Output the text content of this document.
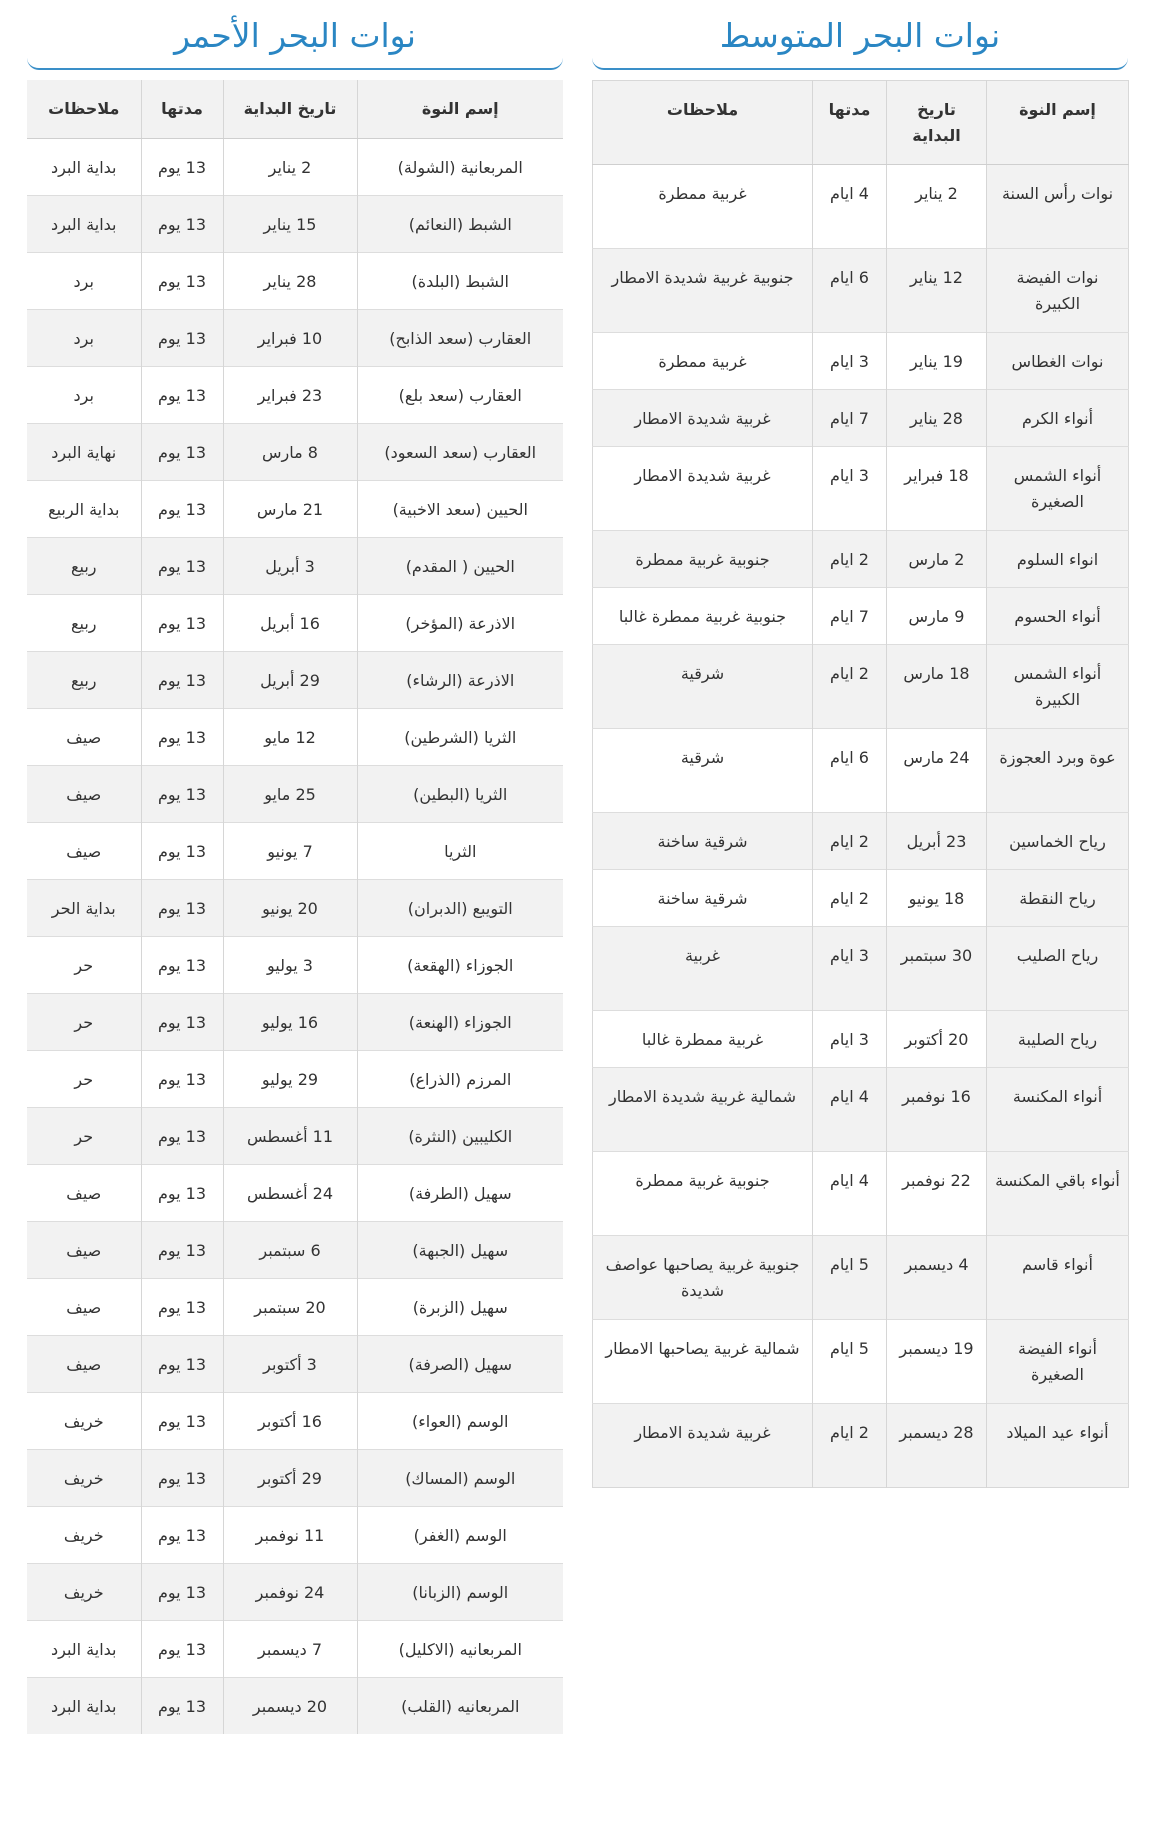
نوات البحر المتوسط
إسم النوة	تاريخ البداية	مدتها	ملاحظات
نوات رأس السنة	2 يناير	4 ايام	غربية ممطرة
نوات الفيضة الكبيرة	12 يناير	6 ايام	جنوبية غربية شديدة الامطار
نوات الغطاس	19 يناير	3 ايام	غربية ممطرة
أنواء الكرم	28 يناير	7 ايام	غربية شديدة الامطار
أنواء الشمس الصغيرة	18 فبراير	3 ايام	غربية شديدة الامطار
انواء السلوم	2 مارس	2 ايام	جنوبية غربية ممطرة
أنواء الحسوم	9 مارس	7 ايام	جنوبية غربية ممطرة غالبا
أنواء الشمس الكبيرة	18 مارس	2 ايام	شرقية
عوة وبرد العجوزة	24 مارس	6 ايام	شرقية
رياح الخماسين	23 أبريل	2 ايام	شرقية ساخنة
رياح النقطة	18 يونيو	2 ايام	شرقية ساخنة
رياح الصليب	30 سبتمبر	3 ايام	غربية
رياح الصليبة	20 أكتوبر	3 ايام	غربية ممطرة غالبا
أنواء المكنسة	16 نوفمبر	4 ايام	شمالية غربية شديدة الامطار
أنواء باقي المكنسة	22 نوفمبر	4 ايام	جنوبية غربية ممطرة
أنواء قاسم	4 ديسمبر	5 ايام	جنوبية غربية يصاحبها عواصف شديدة
أنواء الفيضة الصغيرة	19 ديسمبر	5 ايام	شمالية غربية يصاحبها الامطار
أنواء عيد الميلاد	28 ديسمبر	2 ايام	غربية شديدة الامطار
نوات البحر الأحمر
إسم النوة	تاريخ البداية	مدتها	ملاحظات
المربعانية (الشولة)	2 يناير	13 يوم	بداية البرد
الشبط (النعائم)	15 يناير	13 يوم	بداية البرد
الشبط (البلدة)	28 يناير	13 يوم	برد
العقارب (سعد الذابح)	10 فبراير	13 يوم	برد
العقارب (سعد بلع)	23 فبراير	13 يوم	برد
العقارب (سعد السعود)	8 مارس	13 يوم	نهاية البرد
الحيين (سعد الاخبية)	21 مارس	13 يوم	بداية الربيع
الحيين ( المقدم)	3 أبريل	13 يوم	ربيع
الاذرعة (المؤخر)	16 أبريل	13 يوم	ربيع
الاذرعة (الرشاء)	29 أبريل	13 يوم	ربيع
الثريا (الشرطين)	12 مايو	13 يوم	صيف
الثريا (البطين)	25 مايو	13 يوم	صيف
الثريا	7 يونيو	13 يوم	صيف
التويبع (الدبران)	20 يونيو	13 يوم	بداية الحر
الجوزاء (الهقعة)	3 يوليو	13 يوم	حر
الجوزاء (الهنعة)	16 يوليو	13 يوم	حر
المرزم (الذراع)	29 يوليو	13 يوم	حر
الكليبين (النثرة)	11 أغسطس	13 يوم	حر
سهيل (الطرفة)	24 أغسطس	13 يوم	صيف
سهيل (الجبهة)	6 سبتمبر	13 يوم	صيف
سهيل (الزبرة)	20 سبتمبر	13 يوم	صيف
سهيل (الصرفة)	3 أكتوبر	13 يوم	صيف
الوسم (العواء)	16 أكتوبر	13 يوم	خريف
الوسم (المساك)	29 أكتوبر	13 يوم	خريف
الوسم (الغفر)	11 نوفمبر	13 يوم	خريف
الوسم (الزبانا)	24 نوفمبر	13 يوم	خريف
المربعانيه (الاكليل)	7 ديسمبر	13 يوم	بداية البرد
المربعانيه (القلب)	20 ديسمبر	13 يوم	بداية البرد
